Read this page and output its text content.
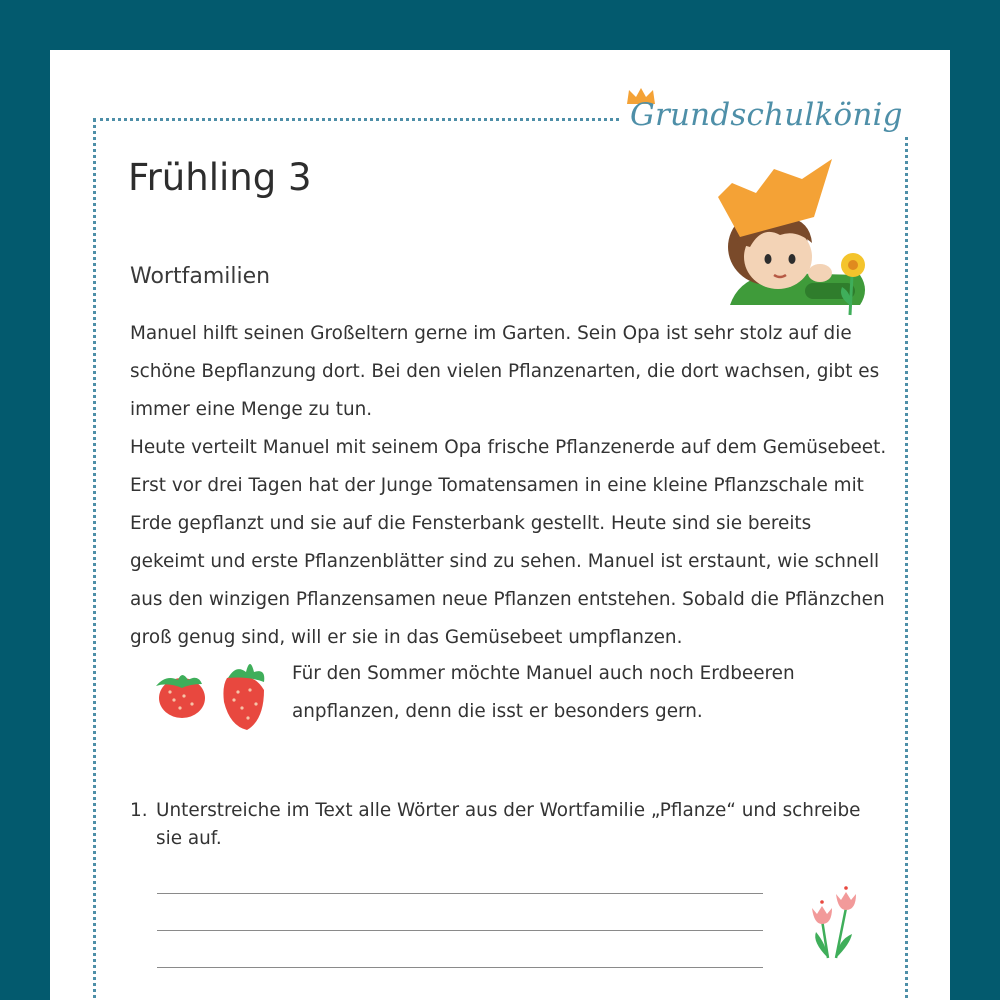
Grundschulkönig
Frühling 3
Wortfamilien

Manuel hilft seinen Großeltern gerne im Garten. Sein Opa ist sehr stolz auf die schöne Bepflanzung dort. Bei den vielen Pflanzenarten, die dort wachsen, gibt es immer eine Menge zu tun.

Heute verteilt Manuel mit seinem Opa frische Pflanzenerde auf dem Gemüsebeet. Erst vor drei Tagen hat der Junge Tomatensamen in eine kleine Pflanzschale mit Erde gepflanzt und sie auf die Fensterbank gestellt. Heute sind sie bereits gekeimt und erste Pflanzenblätter sind zu sehen. Manuel ist erstaunt, wie schnell aus den winzigen Pflanzensamen neue Pflanzen entstehen. Sobald die Pflänzchen groß genug sind, will er sie in das Gemüsebeet umpflanzen.

Für den Sommer möchte Manuel auch noch Erdbeeren anpflanzen, denn die isst er besonders gern.

1. Unterstreiche im Text alle Wörter aus der Wortfamilie „Pflanze“ und schreibe sie auf.
